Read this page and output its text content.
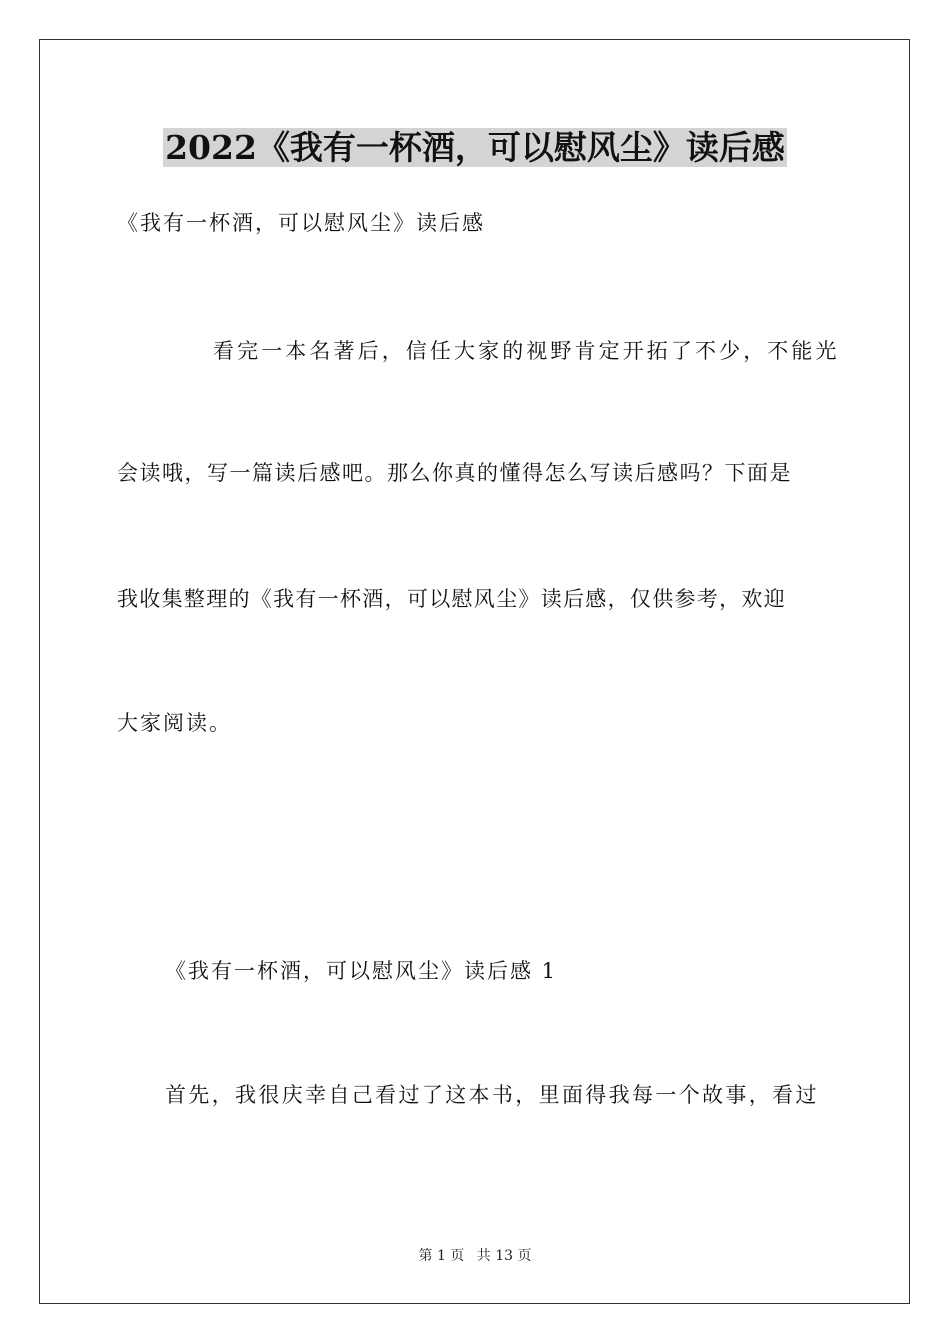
2022《我有一杯酒，可以慰风尘》读后感
《我有一杯酒，可以慰风尘》读后感
看完一本名著后，信任大家的视野肯定开拓了不少，不能光
会读哦，写一篇读后感吧。那么你真的懂得怎么写读后感吗？下面是
我收集整理的《我有一杯酒，可以慰风尘》读后感，仅供参考，欢迎
大家阅读。
《我有一杯酒，可以慰风尘》读后感 1
首先，我很庆幸自己看过了这本书，里面得我每一个故事，看过
第 1 页 共 13 页
